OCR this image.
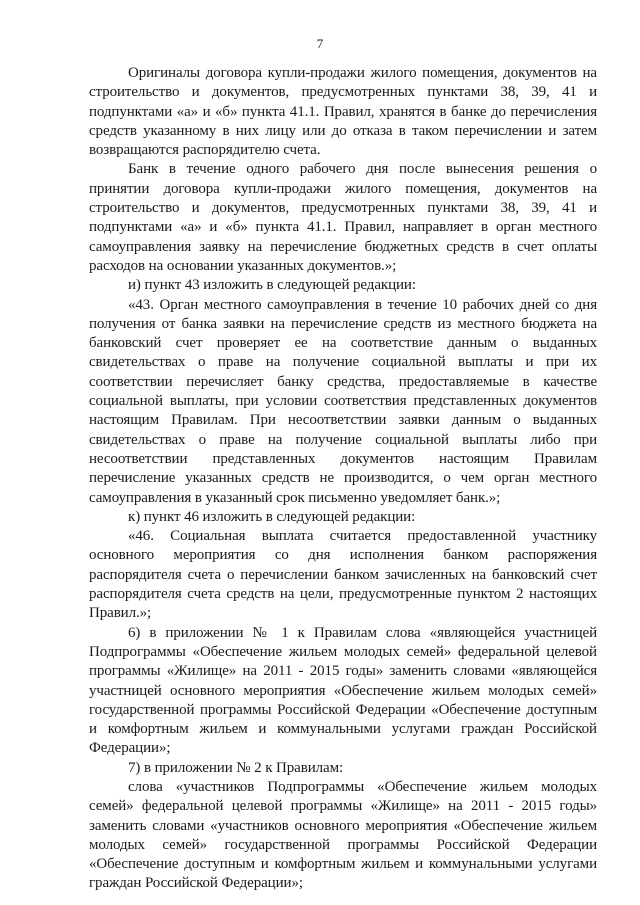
7

Оригиналы договора купли-продажи жилого помещения, документов на строительство и документов, предусмотренных пунктами 38, 39, 41 и подпунктами «а» и «б» пункта 41.1. Правил, хранятся в банке до перечисления средств указанному в них лицу или до отказа в таком перечислении и затем возвращаются распорядителю счета.

Банк в течение одного рабочего дня после вынесения решения о принятии договора купли-продажи жилого помещения, документов на строительство и документов, предусмотренных пунктами 38, 39, 41 и подпунктами «а» и «б» пункта 41.1. Правил, направляет в орган местного самоуправления заявку на перечисление бюджетных средств в счет оплаты расходов на основании указанных документов.»;

и) пункт 43 изложить в следующей редакции:

«43. Орган местного самоуправления в течение 10 рабочих дней со дня получения от банка заявки на перечисление средств из местного бюджета на банковский счет проверяет ее на соответствие данным о выданных свидетельствах о праве на получение социальной выплаты и при их соответствии перечисляет банку средства, предоставляемые в качестве социальной выплаты, при условии соответствия представленных документов настоящим Правилам. При несоответствии заявки данным о выданных свидетельствах о праве на получение социальной выплаты либо при несоответствии представленных документов настоящим Правилам перечисление указанных средств не производится, о чем орган местного самоуправления в указанный срок письменно уведомляет банк.»;

к) пункт 46 изложить в следующей редакции:

«46. Социальная выплата считается предоставленной участнику основного мероприятия со дня исполнения банком распоряжения распорядителя счета о перечислении банком зачисленных на банковский счет распорядителя счета средств на цели, предусмотренные пунктом 2 настоящих Правил.»;

6) в приложении № 1 к Правилам слова «являющейся участницей Подпрограммы «Обеспечение жильем молодых семей» федеральной целевой программы «Жилище» на 2011 - 2015 годы» заменить словами «являющейся участницей основного мероприятия «Обеспечение жильем молодых семей» государственной программы Российской Федерации «Обеспечение доступным и комфортным жильем и коммунальными услугами граждан Российской Федерации»;

7) в приложении № 2 к Правилам:

слова «участников Подпрограммы «Обеспечение жильем молодых семей» федеральной целевой программы «Жилище» на 2011 - 2015 годы» заменить словами «участников основного мероприятия «Обеспечение жильем молодых семей» государственной программы Российской Федерации «Обеспечение доступным и комфортным жильем и коммунальными услугами граждан Российской Федерации»;
